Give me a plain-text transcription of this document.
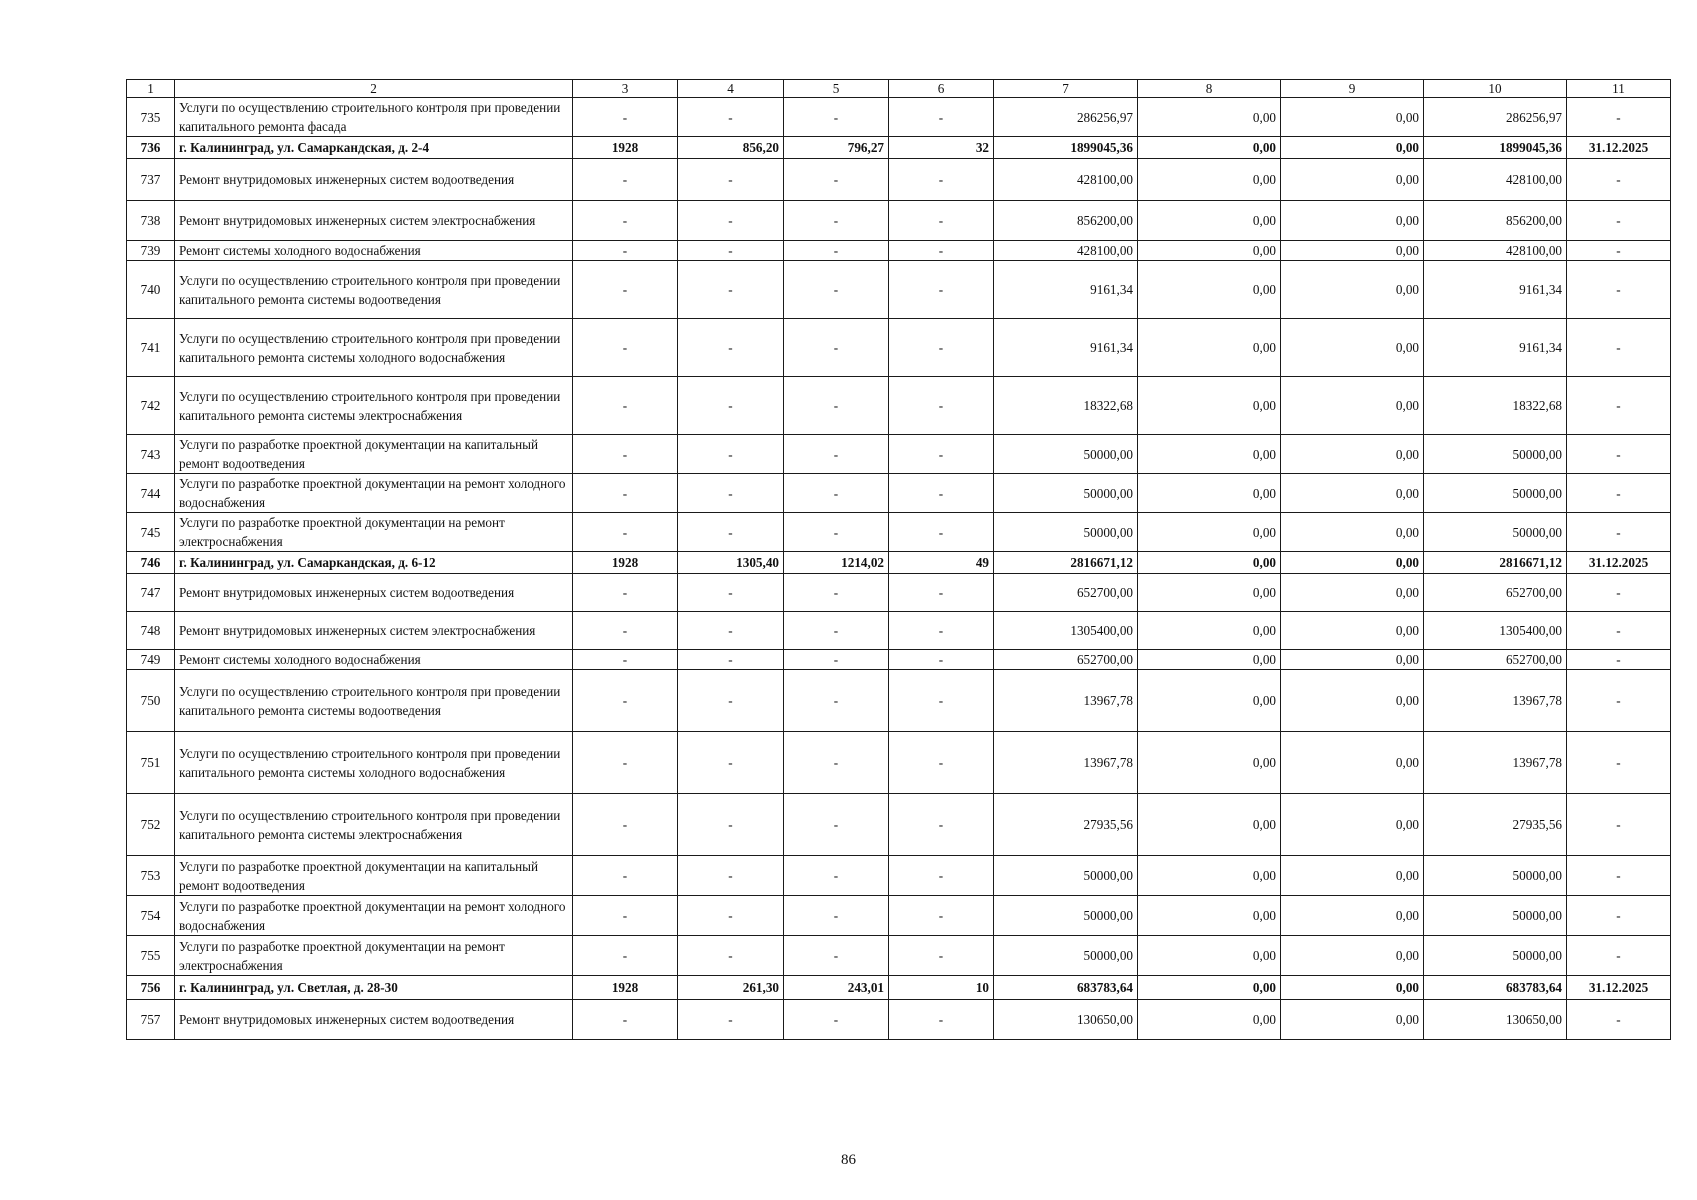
1	2	3	4	5	6	7	8	9	10	11
735	Услуги по осуществлению строительного контроля при проведении капитального ремонта фасада	-	-	-	-	286256,97	0,00	0,00	286256,97	-
736	г. Калининград, ул. Самаркандская, д. 2-4	1928	856,20	796,27	32	1899045,36	0,00	0,00	1899045,36	31.12.2025
737	Ремонт внутридомовых инженерных систем водоотведения	-	-	-	-	428100,00	0,00	0,00	428100,00	-
738	Ремонт внутридомовых инженерных систем электроснабжения	-	-	-	-	856200,00	0,00	0,00	856200,00	-
739	Ремонт системы холодного водоснабжения	-	-	-	-	428100,00	0,00	0,00	428100,00	-
740	Услуги по осуществлению строительного контроля при проведении капитального ремонта системы водоотведения	-	-	-	-	9161,34	0,00	0,00	9161,34	-
741	Услуги по осуществлению строительного контроля при проведении капитального ремонта системы холодного водоснабжения	-	-	-	-	9161,34	0,00	0,00	9161,34	-
742	Услуги по осуществлению строительного контроля при проведении капитального ремонта системы электроснабжения	-	-	-	-	18322,68	0,00	0,00	18322,68	-
743	Услуги по разработке проектной документации на капитальный ремонт водоотведения	-	-	-	-	50000,00	0,00	0,00	50000,00	-
744	Услуги по разработке проектной документации на ремонт холодного водоснабжения	-	-	-	-	50000,00	0,00	0,00	50000,00	-
745	Услуги по разработке проектной документации на ремонт электроснабжения	-	-	-	-	50000,00	0,00	0,00	50000,00	-
746	г. Калининград, ул. Самаркандская, д. 6-12	1928	1305,40	1214,02	49	2816671,12	0,00	0,00	2816671,12	31.12.2025
747	Ремонт внутридомовых инженерных систем водоотведения	-	-	-	-	652700,00	0,00	0,00	652700,00	-
748	Ремонт внутридомовых инженерных систем электроснабжения	-	-	-	-	1305400,00	0,00	0,00	1305400,00	-
749	Ремонт системы холодного водоснабжения	-	-	-	-	652700,00	0,00	0,00	652700,00	-
750	Услуги по осуществлению строительного контроля при проведении капитального ремонта системы водоотведения	-	-	-	-	13967,78	0,00	0,00	13967,78	-
751	Услуги по осуществлению строительного контроля при проведении капитального ремонта системы холодного водоснабжения	-	-	-	-	13967,78	0,00	0,00	13967,78	-
752	Услуги по осуществлению строительного контроля при проведении капитального ремонта системы электроснабжения	-	-	-	-	27935,56	0,00	0,00	27935,56	-
753	Услуги по разработке проектной документации на капитальный ремонт водоотведения	-	-	-	-	50000,00	0,00	0,00	50000,00	-
754	Услуги по разработке проектной документации на ремонт холодного водоснабжения	-	-	-	-	50000,00	0,00	0,00	50000,00	-
755	Услуги по разработке проектной документации на ремонт электроснабжения	-	-	-	-	50000,00	0,00	0,00	50000,00	-
756	г. Калининград, ул. Светлая, д. 28-30	1928	261,30	243,01	10	683783,64	0,00	0,00	683783,64	31.12.2025
757	Ремонт внутридомовых инженерных систем водоотведения	-	-	-	-	130650,00	0,00	0,00	130650,00	-
86
